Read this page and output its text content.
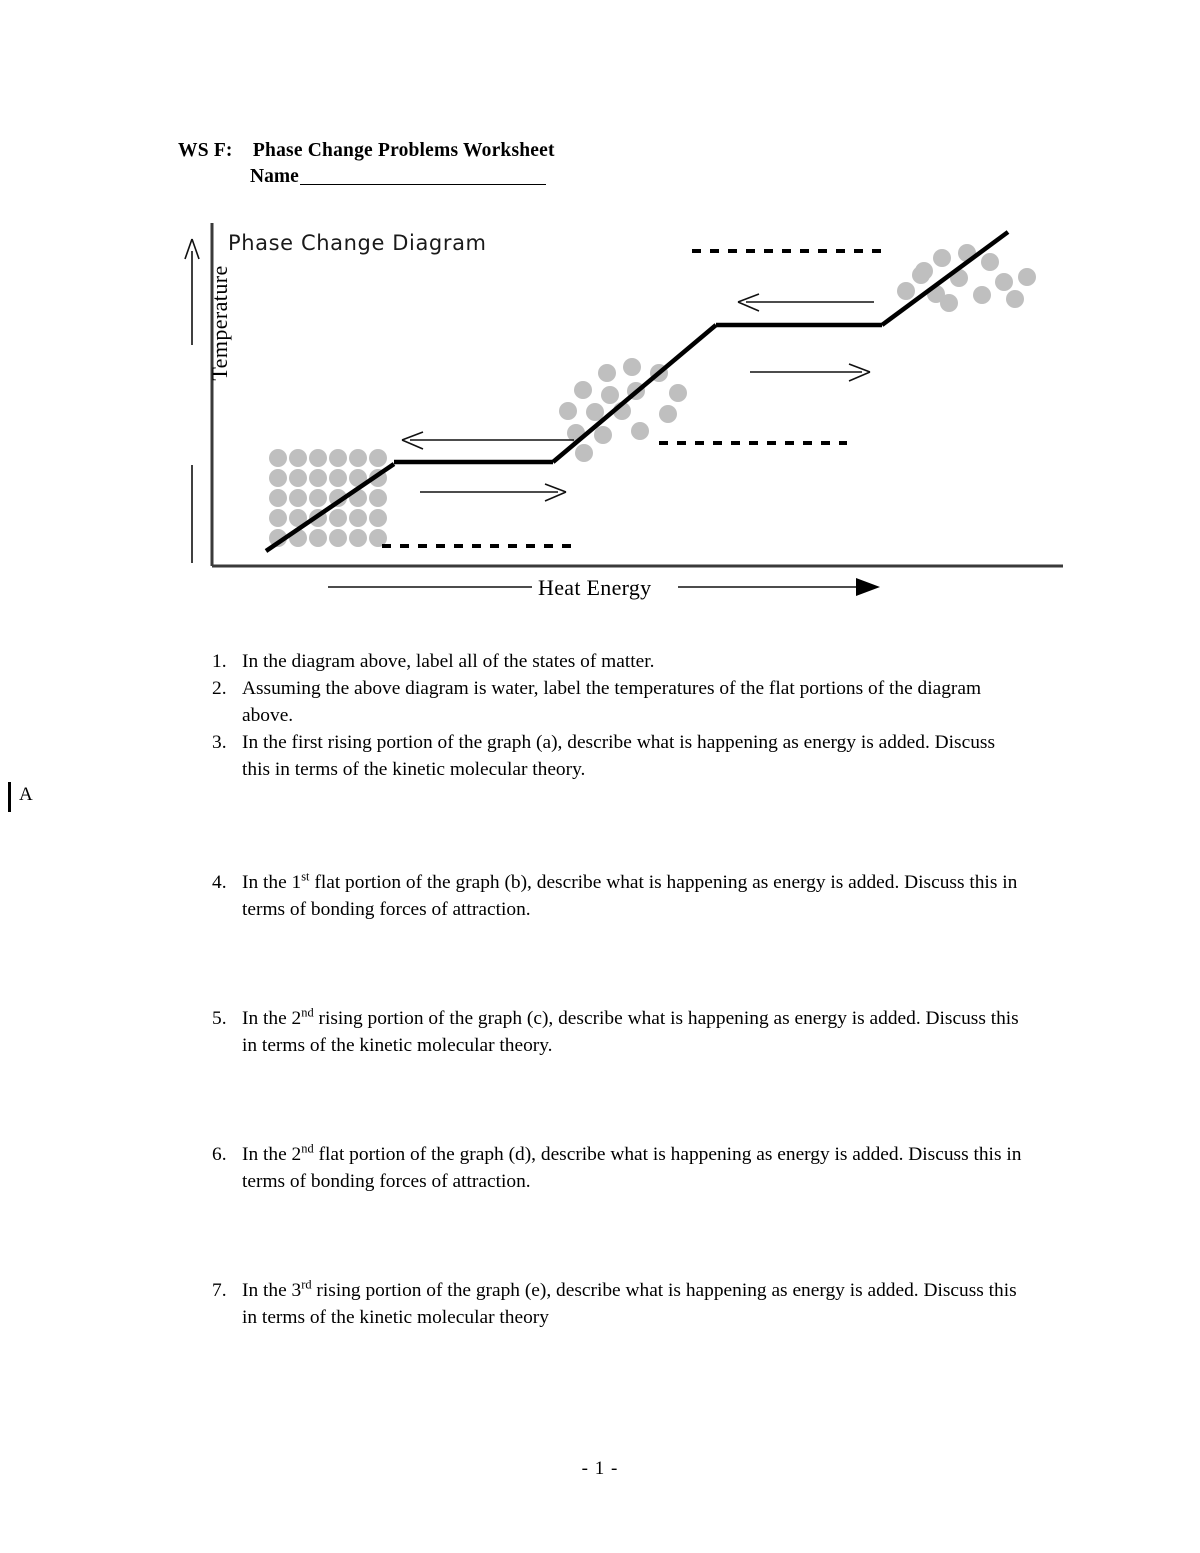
WS F:    Phase Change Problems Worksheet
Name
Phase Change Diagram
Temperature
Heat Energy
A
1. In the diagram above, label all of the states of matter.
2. Assuming the above diagram is water, label the temperatures of the flat portions of the diagram above.
3. In the first rising portion of the graph (a), describe what is happening as energy is added. Discuss this in terms of the kinetic molecular theory.
4. In the 1st flat portion of the graph (b), describe what is happening as energy is added. Discuss this in terms of bonding forces of attraction.
5. In the 2nd rising portion of the graph (c), describe what is happening as energy is added. Discuss this in terms of the kinetic molecular theory.
6. In the 2nd flat portion of the graph (d), describe what is happening as energy is added. Discuss this in terms of bonding forces of attraction.
7. In the 3rd rising portion of the graph (e), describe what is happening as energy is added. Discuss this in terms of the kinetic molecular theory
- 1 -
